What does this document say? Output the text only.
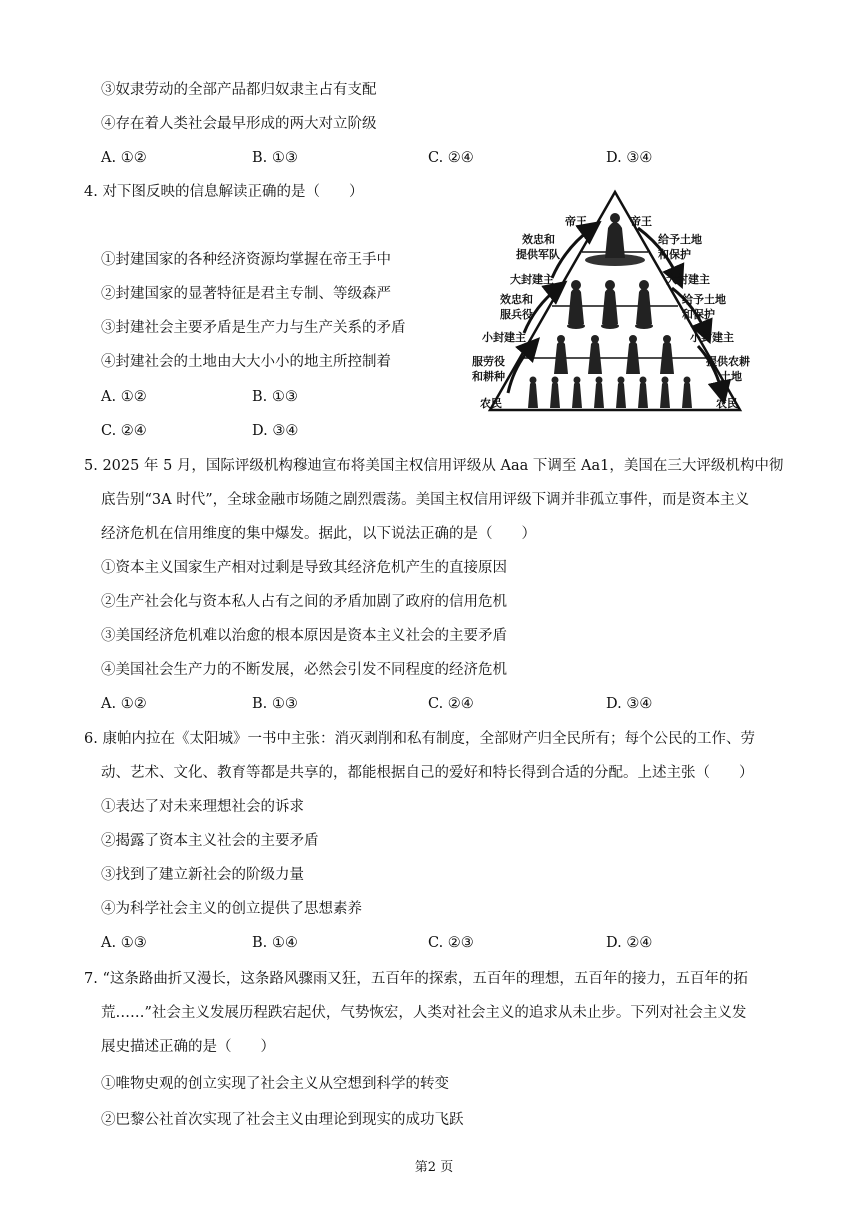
③奴隶劳动的全部产品都归奴隶主占有支配
④存在着人类社会最早形成的两大对立阶级
A. ①②	B. ①③	C. ②④	D. ③④
4. 对下图反映的信息解读正确的是（　　）
①封建国家的各种经济资源均掌握在帝王手中
②封建国家的显著特征是君主专制、等级森严
③封建社会主要矛盾是生产力与生产关系的矛盾
④封建社会的土地由大大小小的地主所控制着
A. ①②	B. ①③
C. ②④	D. ③④
帝王	帝王
效忠和
提供军队
给予土地
和保护
大封建主	大封建主
效忠和
服兵役
给予土地
和保护
小封建主	小封建主
服劳役
和耕种
提供农耕
土地
农民	农民
5. 2025 年 5 月，国际评级机构穆迪宣布将美国主权信用评级从 Aaa 下调至 Aa1，美国在三大评级机构中彻
底告别“3A 时代”，全球金融市场随之剧烈震荡。美国主权信用评级下调并非孤立事件，而是资本主义
经济危机在信用维度的集中爆发。据此，以下说法正确的是（　　）
①资本主义国家生产相对过剩是导致其经济危机产生的直接原因
②生产社会化与资本私人占有之间的矛盾加剧了政府的信用危机
③美国经济危机难以治愈的根本原因是资本主义社会的主要矛盾
④美国社会生产力的不断发展，必然会引发不同程度的经济危机
A. ①②	B. ①③	C. ②④	D. ③④
6. 康帕内拉在《太阳城》一书中主张：消灭剥削和私有制度，全部财产归全民所有；每个公民的工作、劳
动、艺术、文化、教育等都是共享的，都能根据自己的爱好和特长得到合适的分配。上述主张（　　）
①表达了对未来理想社会的诉求
②揭露了资本主义社会的主要矛盾
③找到了建立新社会的阶级力量
④为科学社会主义的创立提供了思想素养
A. ①③	B. ①④	C. ②③	D. ②④
7. “这条路曲折又漫长，这条路风骤雨又狂，五百年的探索，五百年的理想，五百年的接力，五百年的拓
荒……”社会主义发展历程跌宕起伏，气势恢宏，人类对社会主义的追求从未止步。下列对社会主义发
展史描述正确的是（　　）
①唯物史观的创立实现了社会主义从空想到科学的转变
②巴黎公社首次实现了社会主义由理论到现实的成功飞跃
第2 页
